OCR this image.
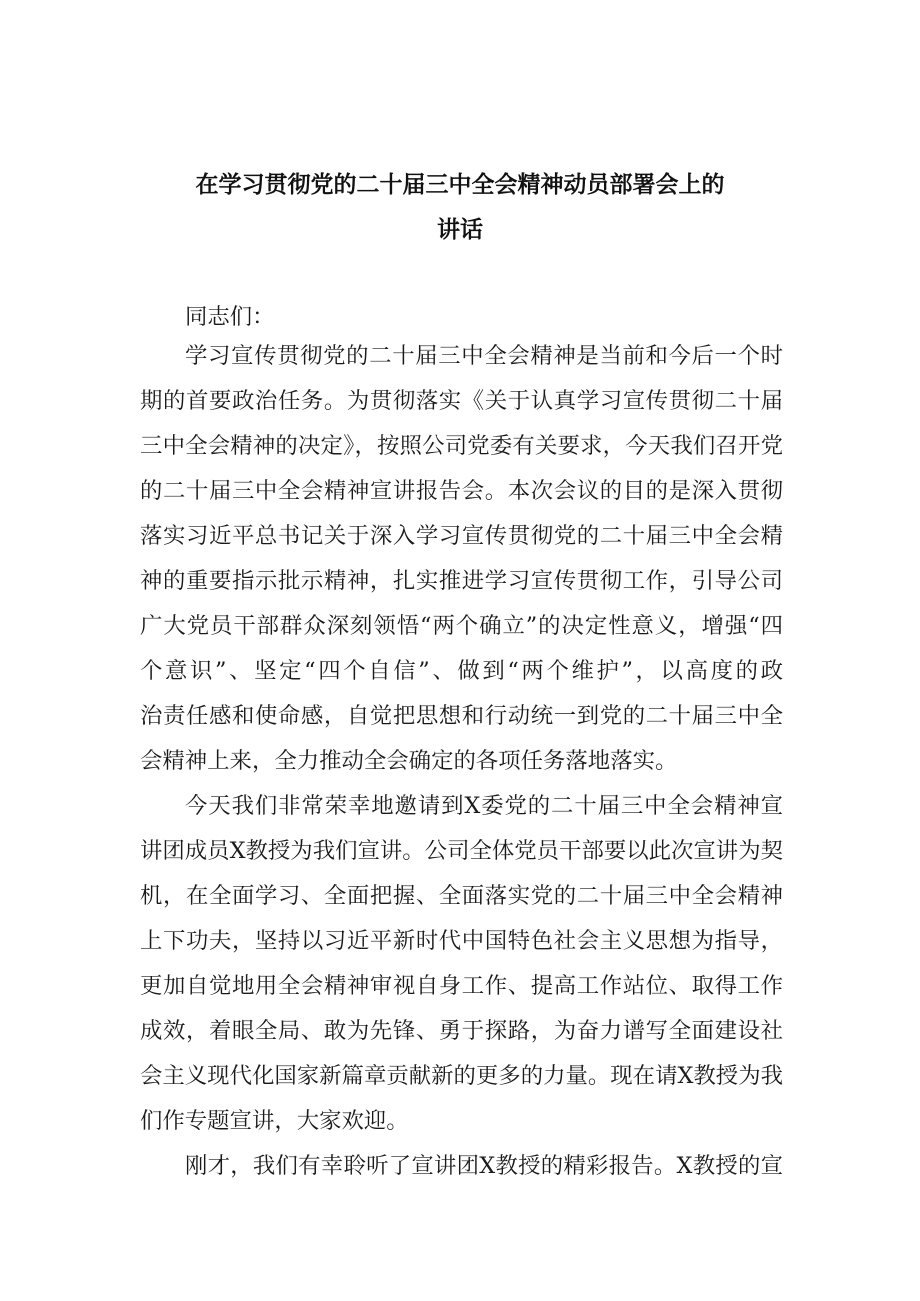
在学习贯彻党的二十届三中全会精神动员部署会上的
讲话
同志们：
学习宣传贯彻党的二十届三中全会精神是当前和今后一个时
期的首要政治任务。为贯彻落实《关于认真学习宣传贯彻二十届
三中全会精神的决定》，按照公司党委有关要求，今天我们召开党
的二十届三中全会精神宣讲报告会。本次会议的目的是深入贯彻
落实习近平总书记关于深入学习宣传贯彻党的二十届三中全会精
神的重要指示批示精神，扎实推进学习宣传贯彻工作，引导公司
广大党员干部群众深刻领悟“两个确立”的决定性意义，增强“四
个意识”、坚定“四个自信”、做到“两个维护”，以高度的政
治责任感和使命感，自觉把思想和行动统一到党的二十届三中全
会精神上来，全力推动全会确定的各项任务落地落实。
今天我们非常荣幸地邀请到X委党的二十届三中全会精神宣
讲团成员X教授为我们宣讲。公司全体党员干部要以此次宣讲为契
机，在全面学习、全面把握、全面落实党的二十届三中全会精神
上下功夫，坚持以习近平新时代中国特色社会主义思想为指导，
更加自觉地用全会精神审视自身工作、提高工作站位、取得工作
成效，着眼全局、敢为先锋、勇于探路，为奋力谱写全面建设社
会主义现代化国家新篇章贡献新的更多的力量。现在请X教授为我
们作专题宣讲，大家欢迎。
刚才，我们有幸聆听了宣讲团X教授的精彩报告。X教授的宣
